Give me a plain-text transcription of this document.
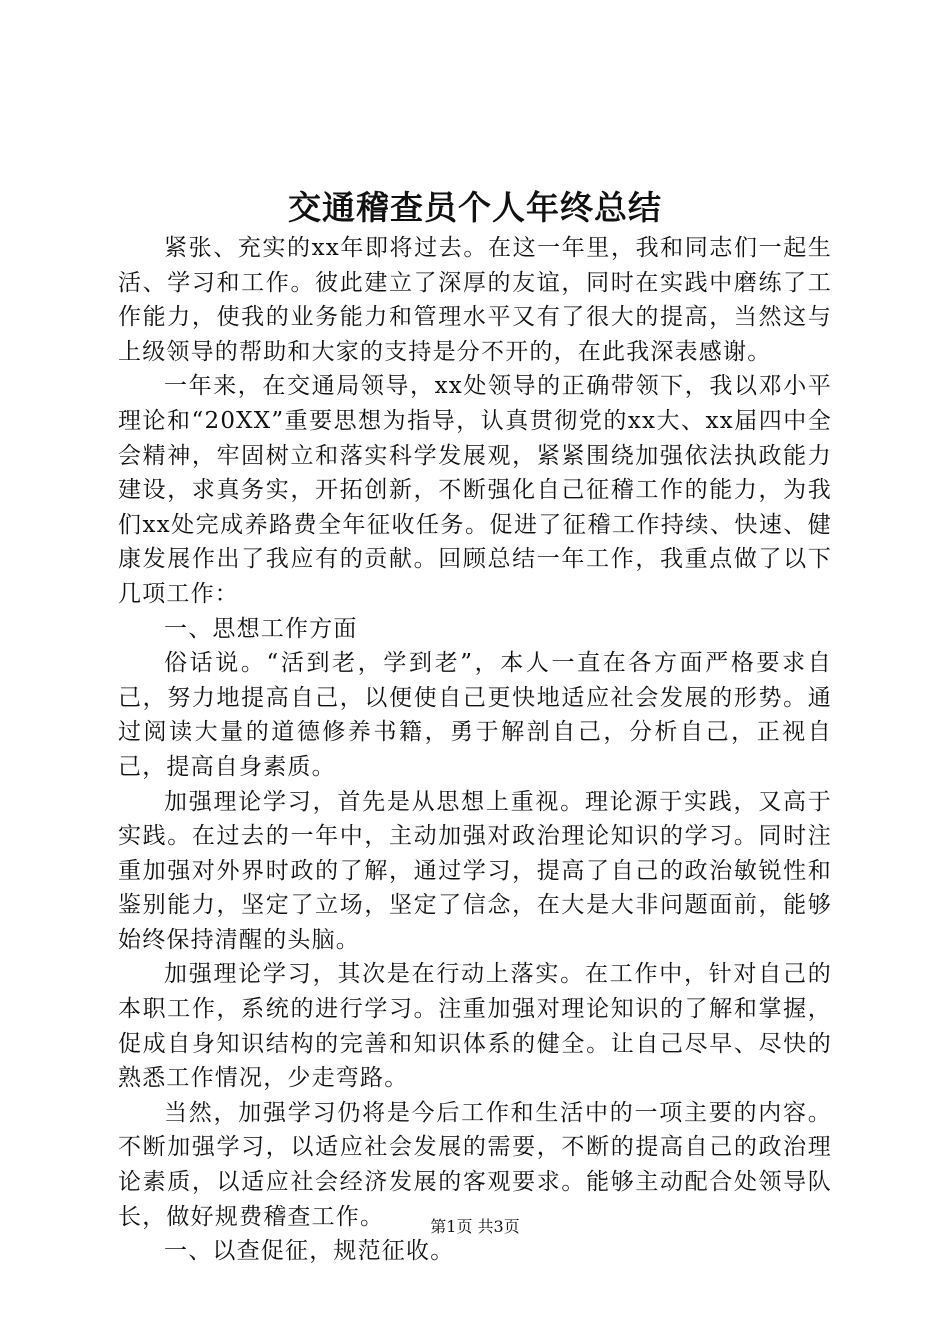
交通稽查员个人年终总结

紧张、充实的xx年即将过去。在这一年里，我和同志们一起生活、学习和工作。彼此建立了深厚的友谊，同时在实践中磨练了工作能力，使我的业务能力和管理水平又有了很大的提高，当然这与上级领导的帮助和大家的支持是分不开的，在此我深表感谢。

一年来，在交通局领导，xx处领导的正确带领下，我以邓小平理论和“20XX”重要思想为指导，认真贯彻党的xx大、xx届四中全会精神，牢固树立和落实科学发展观，紧紧围绕加强依法执政能力建设，求真务实，开拓创新，不断强化自己征稽工作的能力，为我们xx处完成养路费全年征收任务。促进了征稽工作持续、快速、健康发展作出了我应有的贡献。回顾总结一年工作，我重点做了以下几项工作：

一、思想工作方面

俗话说。“活到老，学到老”，本人一直在各方面严格要求自己，努力地提高自己，以便使自己更快地适应社会发展的形势。通过阅读大量的道德修养书籍，勇于解剖自己，分析自己，正视自己，提高自身素质。

加强理论学习，首先是从思想上重视。理论源于实践，又高于实践。在过去的一年中，主动加强对政治理论知识的学习。同时注重加强对外界时政的了解，通过学习，提高了自己的政治敏锐性和鉴别能力，坚定了立场，坚定了信念，在大是大非问题面前，能够始终保持清醒的头脑。

加强理论学习，其次是在行动上落实。在工作中，针对自己的本职工作，系统的进行学习。注重加强对理论知识的了解和掌握，促成自身知识结构的完善和知识体系的健全。让自己尽早、尽快的熟悉工作情况，少走弯路。

当然，加强学习仍将是今后工作和生活中的一项主要的内容。不断加强学习，以适应社会发展的需要，不断的提高自己的政治理论素质，以适应社会经济发展的客观要求。能够主动配合处领导队长，做好规费稽查工作。

一、以查促征，规范征收。

第1页 共3页
